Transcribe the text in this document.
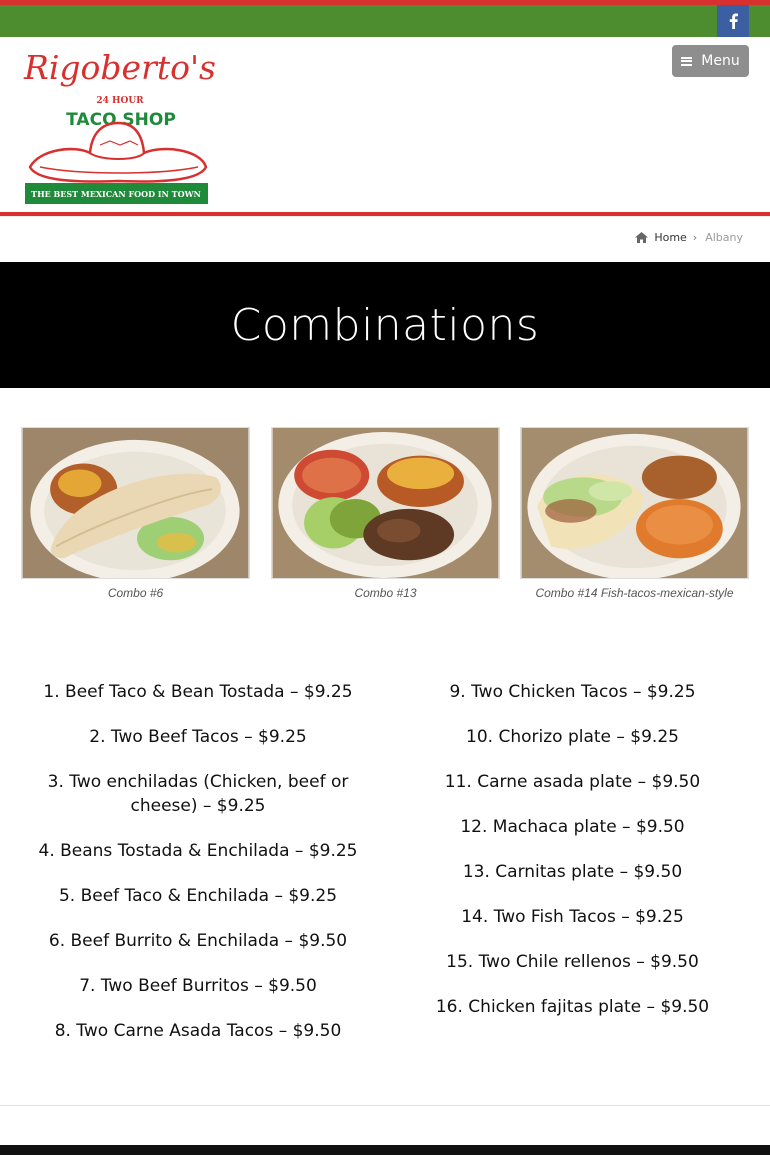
Rigoberto's
24 HOUR
TACO SHOP
THE BEST MEXICAN FOOD IN TOWN
Menu
Home › Albany
Combinations
Combo #6	Combo #13	Combo #14 Fish-tacos-mexican-style

1. Beef Taco & Bean Tostada – $9.25

2. Two Beef Tacos – $9.25

3. Two enchiladas (Chicken, beef or cheese) – $9.25

4. Beans Tostada & Enchilada – $9.25

5. Beef Taco & Enchilada – $9.25

6. Beef Burrito & Enchilada – $9.50

7. Two Beef Burritos – $9.50

8. Two Carne Asada Tacos – $9.50

9. Two Chicken Tacos – $9.25

10. Chorizo plate – $9.25

11. Carne asada plate – $9.50

12. Machaca plate – $9.50

13. Carnitas plate – $9.50

14. Two Fish Tacos – $9.25

15. Two Chile rellenos – $9.50

16. Chicken fajitas plate – $9.50
